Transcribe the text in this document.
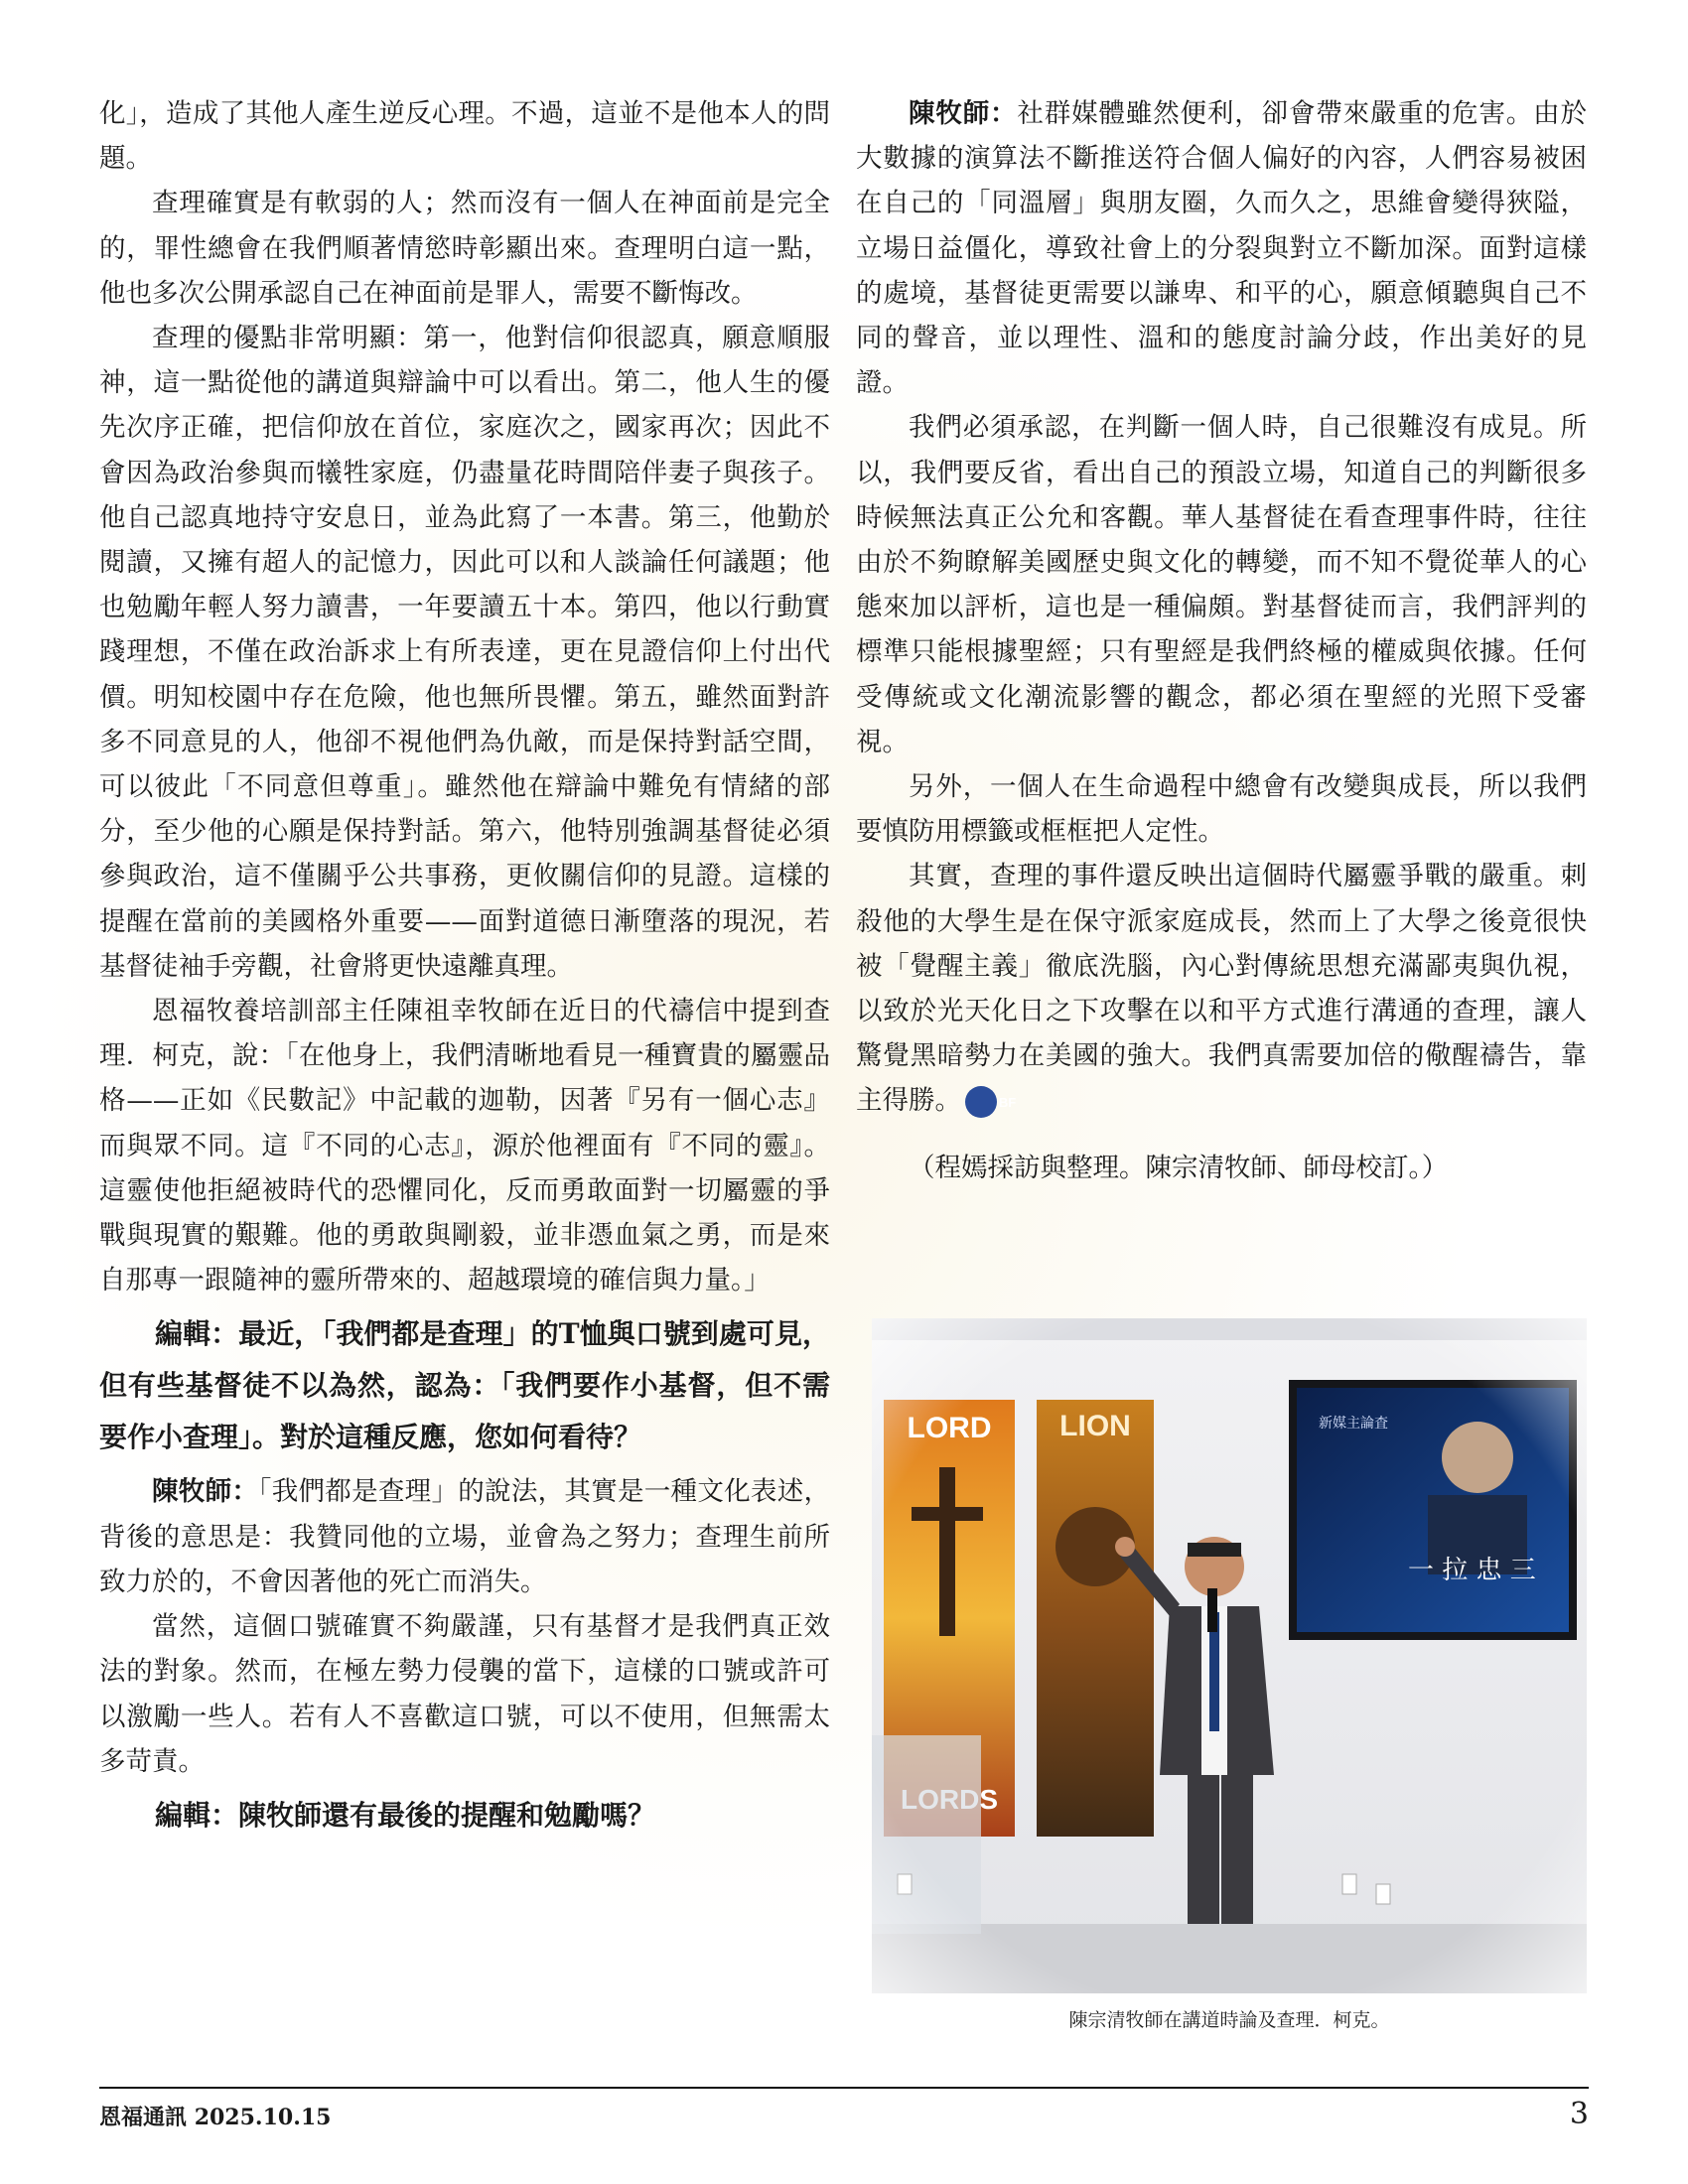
化」，造成了其他人產生逆反心理。不過，這並不是他本人的問題。

查理確實是有軟弱的人；然而沒有一個人在神面前是完全的，罪性總會在我們順著情慾時彰顯出來。查理明白這一點，他也多次公開承認自己在神面前是罪人，需要不斷悔改。

查理的優點非常明顯：第一，他對信仰很認真，願意順服神，這一點從他的講道與辯論中可以看出。第二，他人生的優先次序正確，把信仰放在首位，家庭次之，國家再次；因此不會因為政治參與而犧牲家庭，仍盡量花時間陪伴妻子與孩子。他自己認真地持守安息日，並為此寫了一本書。第三，他勤於閱讀，又擁有超人的記憶力，因此可以和人談論任何議題；他也勉勵年輕人努力讀書，一年要讀五十本。第四，他以行動實踐理想，不僅在政治訴求上有所表達，更在見證信仰上付出代價。明知校園中存在危險，他也無所畏懼。第五，雖然面對許多不同意見的人，他卻不視他們為仇敵，而是保持對話空間，可以彼此「不同意但尊重」。雖然他在辯論中難免有情緒的部分，至少他的心願是保持對話。第六，他特別強調基督徒必須參與政治，這不僅關乎公共事務，更攸關信仰的見證。這樣的提醒在當前的美國格外重要——面對道德日漸墮落的現況，若基督徒袖手旁觀，社會將更快遠離真理。

恩福牧養培訓部主任陳祖幸牧師在近日的代禱信中提到查理．柯克，說：「在他身上，我們清晰地看見一種寶貴的屬靈品格——正如《民數記》中記載的迦勒，因著『另有一個心志』而與眾不同。這『不同的心志』，源於他裡面有『不同的靈』。這靈使他拒絕被時代的恐懼同化，反而勇敢面對一切屬靈的爭戰與現實的艱難。他的勇敢與剛毅，並非憑血氣之勇，而是來自那專一跟隨神的靈所帶來的、超越環境的確信與力量。」

編輯：最近，「我們都是查理」的T恤與口號到處可見，但有些基督徒不以為然，認為：「我們要作小基督，但不需要作小查理」。對於這種反應，您如何看待？

陳牧師：「我們都是查理」的說法，其實是一種文化表述，背後的意思是：我贊同他的立場，並會為之努力；查理生前所致力於的，不會因著他的死亡而消失。

當然，這個口號確實不夠嚴謹，只有基督才是我們真正效法的對象。然而，在極左勢力侵襲的當下，這樣的口號或許可以激勵一些人。若有人不喜歡這口號，可以不使用，但無需太多苛責。

編輯：陳牧師還有最後的提醒和勉勵嗎？

陳牧師：社群媒體雖然便利，卻會帶來嚴重的危害。由於大數據的演算法不斷推送符合個人偏好的內容，人們容易被困在自己的「同溫層」與朋友圈，久而久之，思維會變得狹隘，立場日益僵化，導致社會上的分裂與對立不斷加深。面對這樣的處境，基督徒更需要以謙卑、和平的心，願意傾聽與自己不同的聲音，並以理性、溫和的態度討論分歧，作出美好的見證。

我們必須承認，在判斷一個人時，自己很難沒有成見。所以，我們要反省，看出自己的預設立場，知道自己的判斷很多時候無法真正公允和客觀。華人基督徒在看查理事件時，往往由於不夠瞭解美國歷史與文化的轉變，而不知不覺從華人的心態來加以評析，這也是一種偏頗。對基督徒而言，我們評判的標準只能根據聖經；只有聖經是我們終極的權威與依據。任何受傳統或文化潮流影響的觀念，都必須在聖經的光照下受審視。

另外，一個人在生命過程中總會有改變與成長，所以我們要慎防用標籤或框框把人定性。

其實，查理的事件還反映出這個時代屬靈爭戰的嚴重。刺殺他的大學生是在保守派家庭成長，然而上了大學之後竟很快被「覺醒主義」徹底洗腦，內心對傳統思想充滿鄙夷與仇視，以致於光天化日之下攻擊在以和平方式進行溝通的查理，讓人驚覺黑暗勢力在美國的強大。我們真需要加倍的儆醒禱告，靠主得勝。	BF

（程嫣採訪與整理。陳宗清牧師、師母校訂。）

陳宗清牧師在講道時論及查理．柯克。
恩福通訊 2025.10.15	3
